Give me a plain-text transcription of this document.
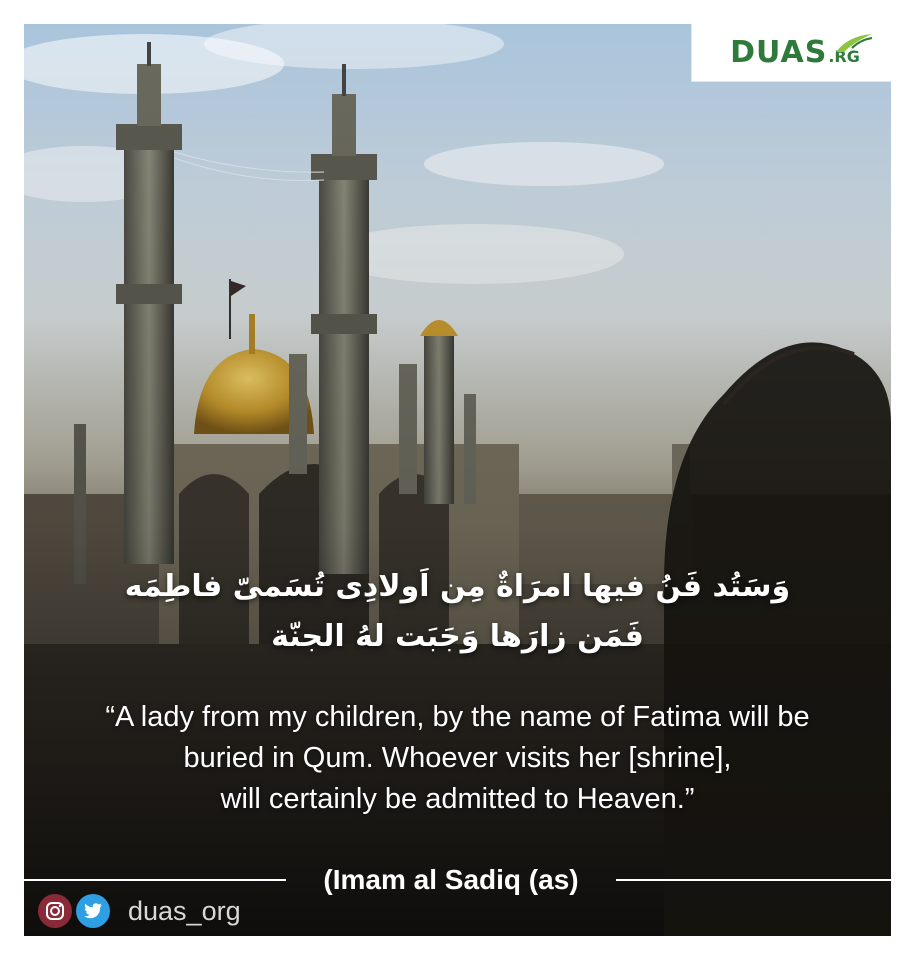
DUAS .RG
وَسَتُد فَنُ فيها امرَاةٌ مِن اَولادِى تُسَمىّ فاطِمَه
فَمَن زارَها وَجَبَت لهُ الجنّة
“A lady from my children, by the name of Fatima will be
buried in Qum. Whoever visits her [shrine],
will certainly be admitted to Heaven.”
(Imam al Sadiq (as)
duas_org
